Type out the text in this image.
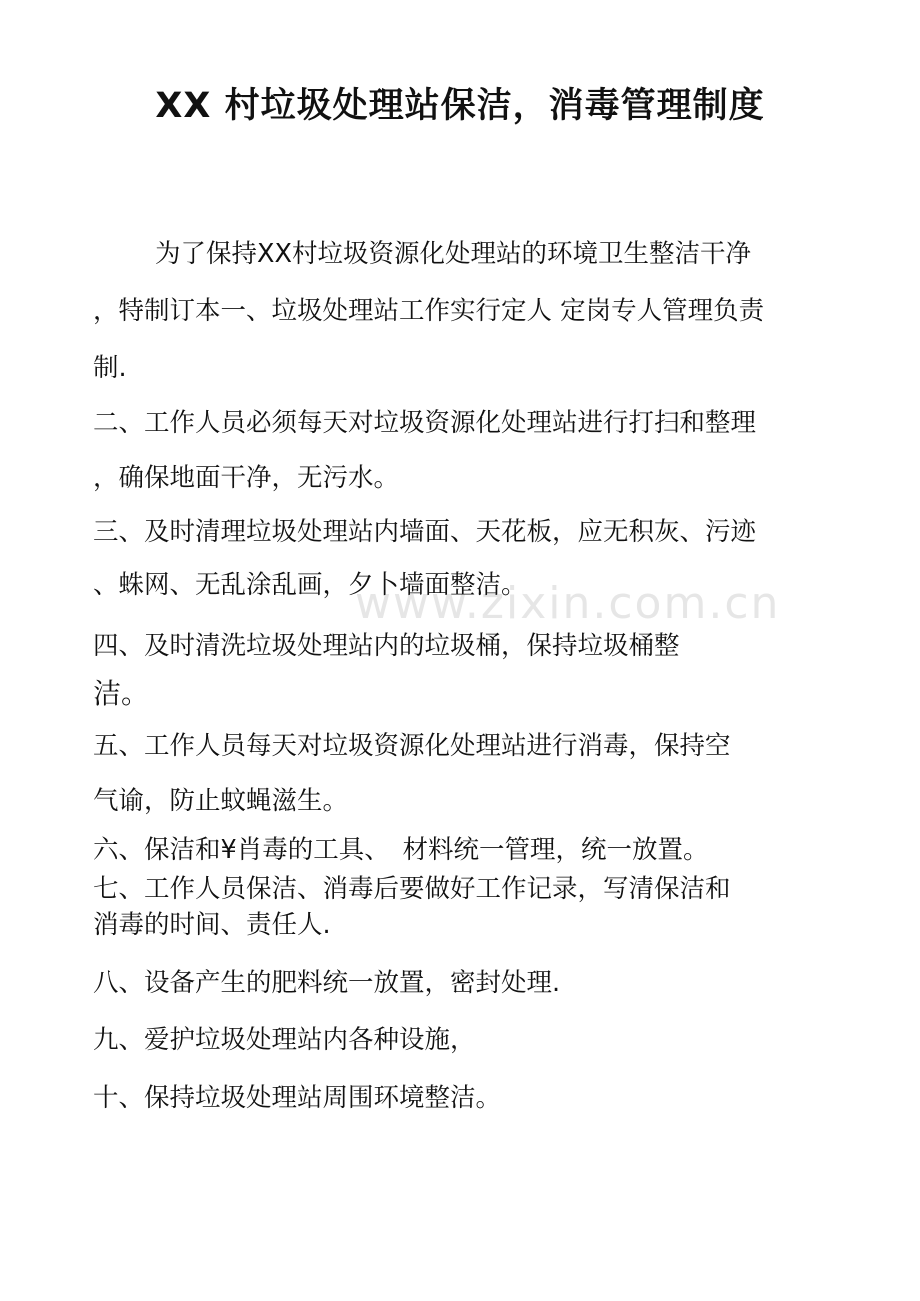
www.zixin.com.cn
XX 村垃圾处理站保洁，消毒管理制度
为了保持XX村垃圾资源化处理站的环境卫生整洁干净
，特制订本一、垃圾处理站工作实行定人 定岗专人管理负责
制.
二、工作人员必须每天对垃圾资源化处理站进行打扫和整理
，确保地面干净，无污水。
三、及时清理垃圾处理站内墙面、天花板，应无积灰、污迹
、蛛网、无乱涂乱画，夕卜墙面整洁。
四、及时清洗垃圾处理站内的垃圾桶，保持垃圾桶整
洁。
五、工作人员每天对垃圾资源化处理站进行消毒，保持空
气谕，防止蚊蝇滋生。
六、保洁和¥肖毒的工具、　材料统一管理，统一放置。
七、工作人员保洁、消毒后要做好工作记录，写清保洁和
消毒的时间、责任人.
八、设备产生的肥料统一放置，密封处理.
九、爱护垃圾处理站内各种设施，
十、保持垃圾处理站周围环境整洁。
